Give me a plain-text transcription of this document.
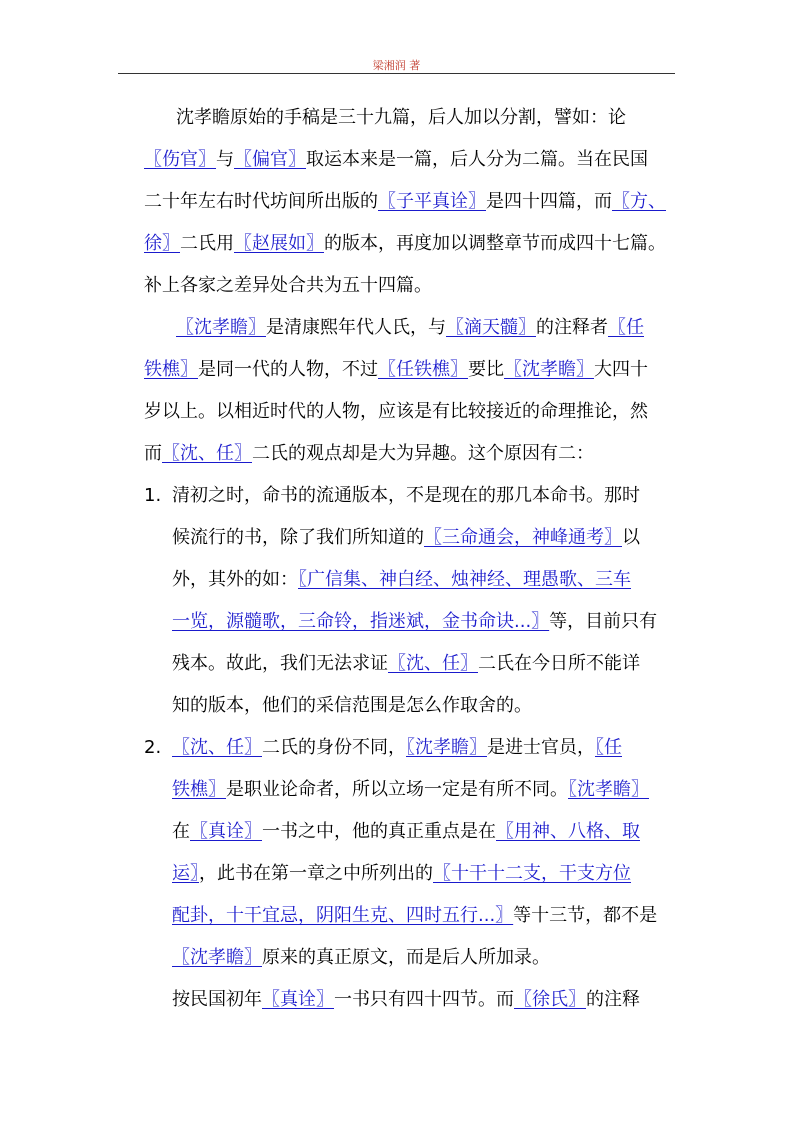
梁湘润 著
沈孝瞻原始的手稿是三十九篇，后人加以分割，譬如：论
〖伤官〗与〖偏官〗取运本来是一篇，后人分为二篇。当在民国
二十年左右时代坊间所出版的〖子平真诠〗是四十四篇，而〖方、
徐〗二氏用〖赵展如〗的版本，再度加以调整章节而成四十七篇。
补上各家之差异处合共为五十四篇。
〖沈孝瞻〗是清康熙年代人氏，与〖滴天髓〗的注释者〖任
铁樵〗是同一代的人物，不过〖任铁樵〗要比〖沈孝瞻〗大四十
岁以上。以相近时代的人物，应该是有比较接近的命理推论，然
而〖沈、任〗二氏的观点却是大为异趣。这个原因有二：
1. 清初之时，命书的流通版本，不是现在的那几本命书。那时
候流行的书，除了我们所知道的〖三命通会，神峰通考〗以
外，其外的如：〖广信集、神白经、烛神经、理愚歌、三车
一览，源髓歌，三命铃，指迷斌，金书命诀...〗等，目前只有
残本。故此，我们无法求证〖沈、任〗二氏在今日所不能详
知的版本，他们的采信范围是怎么作取舍的。
2. 〖沈、任〗二氏的身份不同，〖沈孝瞻〗是进士官员，〖任
铁樵〗是职业论命者，所以立场一定是有所不同。〖沈孝瞻〗
在〖真诠〗一书之中，他的真正重点是在〖用神、八格、取
运〗，此书在第一章之中所列出的〖十干十二支，干支方位
配卦，十干宜忌，阴阳生克、四时五行...〗等十三节，都不是
〖沈孝瞻〗原来的真正原文，而是后人所加录。
按民国初年〖真诠〗一书只有四十四节。而〖徐氏〗的注释
